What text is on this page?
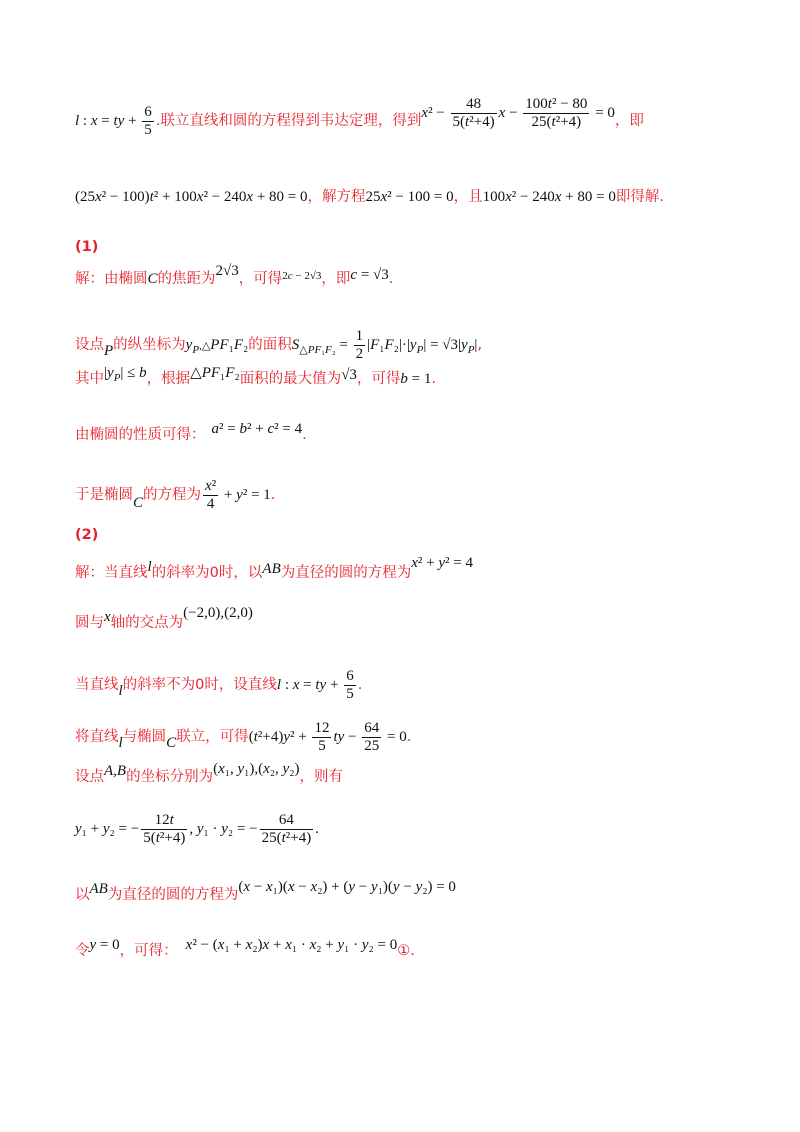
l : x = ty + $\frac{6}{5}$ .联立直线和圆的方程得到韦达定理，得到$x^2 - \frac{48}{\text{5(t²+4)}}$ $x - \frac{\text{100t² − 80}}{\text{25(t²+4)}} = 0$，即
(25x² − 100)t² + 100x² − 240x + 80 = 0，解方程25x² − 100 = 0，且100x² − 240x + 80 = 0即得解.
(1)
解：由椭圆C的焦距为2√3，可得$^{2c - 2√3}$，即c = √3.
设点P的纵坐标为$y_P,\triangle PF_1F_2$的面积$S_{\triangle PF_1F_2} = \frac{1}{2} |F_1F_2|\cdot|y_P| = √3|y_P|$,
其中$|y_P| \le b$，根据△PF₁F₂面积的最大值为√3，可得b = 1.
由椭圆的性质可得： a² = b² + c² = 4.
于是椭圆C的方程为 $\frac{\text{x²}}{4} + y^2 = 1$.
(2)
解：当直线l的斜率为0时，以AB为直径的圆的方程为x² + y² = 4
圆与x轴的交点为(−2,0),(2,0)
当直线l的斜率不为0时，设直线l : x = ty + $\frac{6}{5}$ .
将直线l与椭圆C联立，可得$(t^2+4)y^2 + \frac{12}{5}$ ty − $\frac{64}{25} = 0$.
设点A,B的坐标分别为(x₁, y₁),(x₂, y₂)，则有
y₁ + y₂ = − $\frac{12t}{\text{5(t²+4)}}$ , y₁ · y₂ = − $\frac{64}{\text{25(t²+4)}}$ .
以AB为直径的圆的方程为(x − x₁)(x − x₂) + (y − y₁)(y − y₂) = 0
令y = 0，可得： x² − (x₁ + x₂)x + x₁ · x₂ + y₁ · y₂ = 0①.
